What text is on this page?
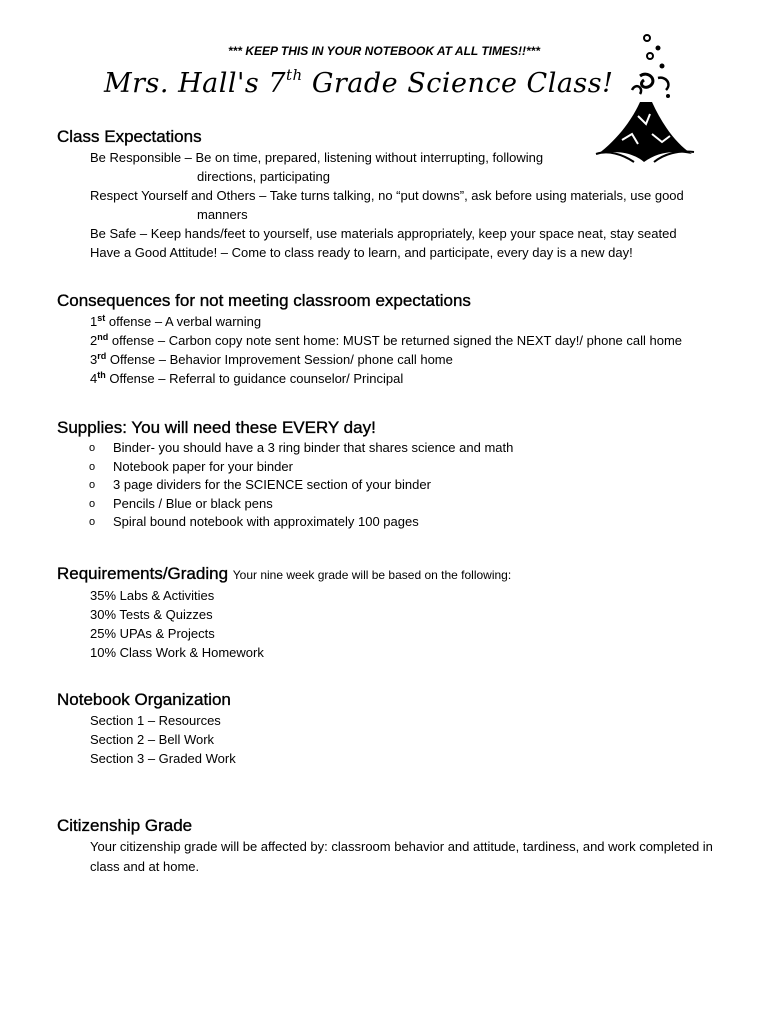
*** KEEP THIS IN YOUR NOTEBOOK AT ALL TIMES!!***
Mrs. Hall's 7th Grade Science Class!
Class Expectations

Be Responsible – Be on time, prepared, listening without interrupting, following

directions, participating

Respect Yourself and Others – Take turns talking, no “put downs”, ask before using materials, use good

manners

Be Safe – Keep hands/feet to yourself, use materials appropriately, keep your space neat, stay seated

Have a Good Attitude! – Come to class ready to learn, and participate, every day is a new day!

Consequences for not meeting classroom expectations

1st offense – A verbal warning

2nd offense – Carbon copy note sent home: MUST be returned signed the NEXT day!/ phone call home

3rd Offense – Behavior Improvement Session/ phone call home

4th Offense – Referral to guidance counselor/ Principal

Supplies: You will need these EVERY day!
o Binder- you should have a 3 ring binder that shares science and math
o Notebook paper for your binder
o 3 page dividers for the SCIENCE section of your binder
o Pencils / Blue or black pens
o Spiral bound notebook with approximately 100 pages
Requirements/Grading Your nine week grade will be based on the following:

35% Labs & Activities

30% Tests & Quizzes

25% UPAs & Projects

10% Class Work & Homework

Notebook Organization

Section 1 – Resources

Section 2 – Bell Work

Section 3 – Graded Work

Citizenship Grade

Your citizenship grade will be affected by: classroom behavior and attitude, tardiness, and work completed in class and at home.
